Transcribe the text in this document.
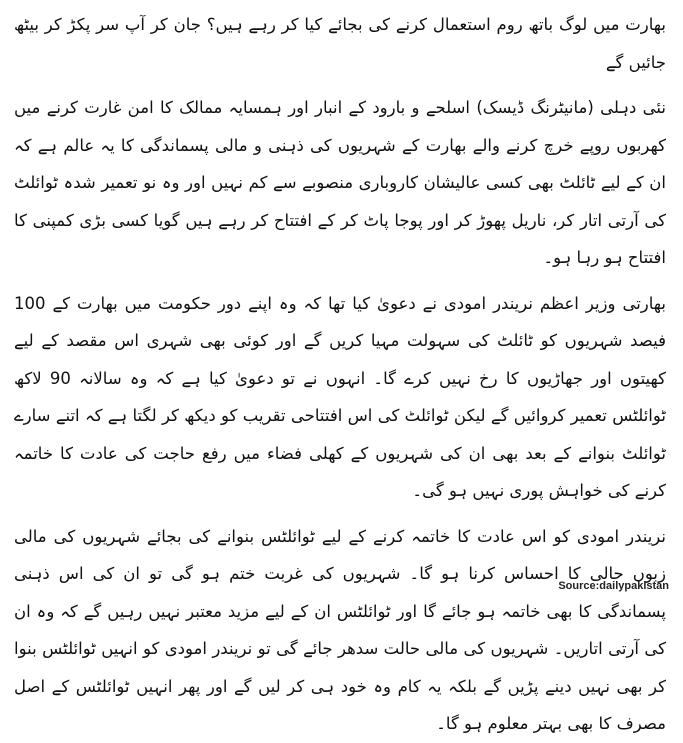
بھارت میں لوگ باتھ روم استعمال کرنے کی بجائے کیا کر رہے ہیں؟ جان کر آپ سر پکڑ کر بیٹھ جائیں گے

نئی دہلی (مانیٹرنگ ڈیسک) اسلحے و بارود کے انبار اور ہمسایہ ممالک کا امن غارت کرنے میں کھربوں روپے خرچ کرنے والے بھارت کے شہریوں کی ذہنی و مالی پسماندگی کا یہ عالم ہے کہ ان کے لیے ٹائلٹ بھی کسی عالیشان کاروباری منصوبے سے کم نہیں اور وہ نو تعمیر شدہ ٹوائلٹ کی آرتی اتار کر، ناریل پھوڑ کر اور پوجا پاٹ کر کے افتتاح کر رہے ہیں گویا کسی بڑی کمپنی کا افتتاح ہو رہا ہو۔

بھارتی وزیر اعظم نریندر امودی نے دعویٰ کیا تھا کہ وہ اپنے دور حکومت میں بھارت کے 100 فیصد شہریوں کو ٹائلٹ کی سہولت مہیا کریں گے اور کوئی بھی شہری اس مقصد کے لیے کھیتوں اور جھاڑیوں کا رخ نہیں کرے گا۔ انہوں نے تو دعویٰ کیا ہے کہ وہ سالانہ 90 لاکھ ٹوائلٹس تعمیر کروائیں گے لیکن ٹوائلٹ کی اس افتتاحی تقریب کو دیکھ کر لگتا ہے کہ اتنے سارے ٹوائلٹ بنوانے کے بعد بھی ان کی شہریوں کے کھلی فضاء میں رفع حاجت کی عادت کا خاتمہ کرنے کی خواہش پوری نہیں ہو گی۔

نریندر امودی کو اس عادت کا خاتمہ کرنے کے لیے ٹوائلٹس بنوانے کی بجائے شہریوں کی مالی زبوں حالی کا احساس کرنا ہو گا۔ شہریوں کی غربت ختم ہو گی تو ان کی اس ذہنی پسماندگی کا بھی خاتمہ ہو جائے گا اور ٹوائلٹس ان کے لیے مزید معتبر نہیں رہیں گے کہ وہ ان کی آرتی اتاریں۔ شہریوں کی مالی حالت سدھر جائے گی تو نریندر امودی کو انہیں ٹوائلٹس بنوا کر بھی نہیں دینے پڑیں گے بلکہ یہ کام وہ خود ہی کر لیں گے اور پھر انہیں ٹوائلٹس کے اصل مصرف کا بھی بہتر معلوم ہو گا۔

Source:dailypakistan
